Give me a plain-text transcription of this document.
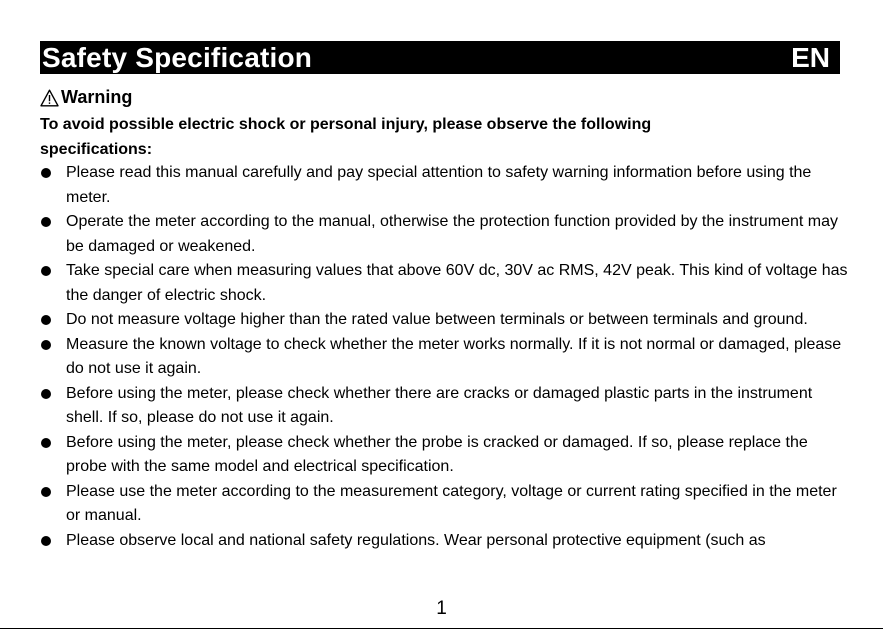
Safety Specification	EN
Warning
To avoid possible electric shock or personal injury, please observe the following specifications:
Please read this manual carefully and pay special attention to safety warning information before using the meter.
Operate the meter according to the manual, otherwise the protection function provided by the instrument may be damaged or weakened.
Take special care when measuring values that above 60V dc, 30V ac RMS, 42V peak. This kind of voltage has the danger of electric shock.
Do not measure voltage higher than the rated value between terminals or between terminals and ground.
Measure the known voltage to check whether the meter works normally. If it is not normal or damaged, please do not use it again.
Before using the meter, please check whether there are cracks or damaged plastic parts in the instrument shell. If so, please do not use it again.
Before using the meter, please check whether the probe is cracked or damaged. If so, please replace the probe with the same model and electrical specification.
Please use the meter according to the measurement category, voltage or current rating specified in the meter or manual.
Please observe local and national safety regulations. Wear personal protective equipment (such as
1
